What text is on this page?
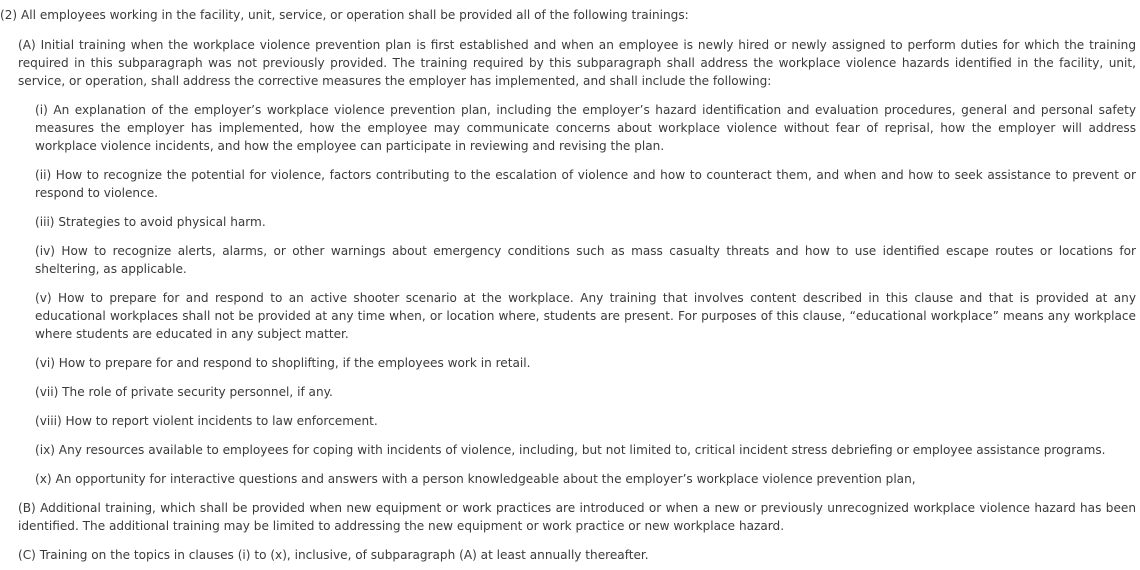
(2) All employees working in the facility, unit, service, or operation shall be provided all of the following trainings:

(A) Initial training when the workplace violence prevention plan is first established and when an employee is newly hired or newly assigned to perform duties for which the training required in this subparagraph was not previously provided. The training required by this subparagraph shall address the workplace violence hazards identified in the facility, unit, service, or operation, shall address the corrective measures the employer has implemented, and shall include the following:

(i) An explanation of the employer’s workplace violence prevention plan, including the employer’s hazard identification and evaluation procedures, general and personal safety measures the employer has implemented, how the employee may communicate concerns about workplace violence without fear of reprisal, how the employer will address workplace violence incidents, and how the employee can participate in reviewing and revising the plan.

(ii) How to recognize the potential for violence, factors contributing to the escalation of violence and how to counteract them, and when and how to seek assistance to prevent or respond to violence.

(iii) Strategies to avoid physical harm.

(iv) How to recognize alerts, alarms, or other warnings about emergency conditions such as mass casualty threats and how to use identified escape routes or locations for sheltering, as applicable.

(v) How to prepare for and respond to an active shooter scenario at the workplace. Any training that involves content described in this clause and that is provided at any educational workplaces shall not be provided at any time when, or location where, students are present. For purposes of this clause, “educational workplace” means any workplace where students are educated in any subject matter.

(vi) How to prepare for and respond to shoplifting, if the employees work in retail.

(vii) The role of private security personnel, if any.

(viii) How to report violent incidents to law enforcement.

(ix) Any resources available to employees for coping with incidents of violence, including, but not limited to, critical incident stress debriefing or employee assistance programs.

(x) An opportunity for interactive questions and answers with a person knowledgeable about the employer’s workplace violence prevention plan,

(B) Additional training, which shall be provided when new equipment or work practices are introduced or when a new or previously unrecognized workplace violence hazard has been identified. The additional training may be limited to addressing the new equipment or work practice or new workplace hazard.

(C) Training on the topics in clauses (i) to (x), inclusive, of subparagraph (A) at least annually thereafter.
